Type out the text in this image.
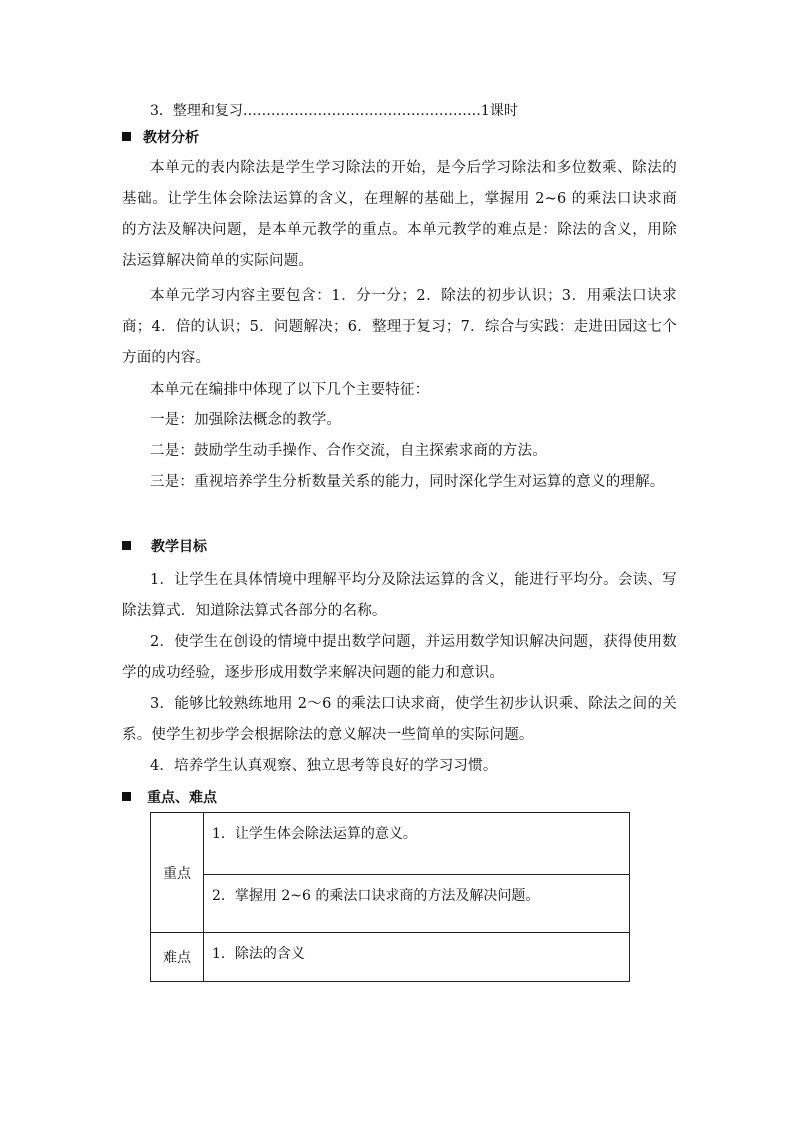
3．整理和复习……………………………………………1课时
教材分析
本单元的表内除法是学生学习除法的开始，是今后学习除法和多位数乘、除法的基础。让学生体会除法运算的含义，在理解的基础上，掌握用 2~6 的乘法口诀求商的方法及解决问题，是本单元教学的重点。本单元教学的难点是：除法的含义，用除法运算解决简单的实际问题。
本单元学习内容主要包含：1．分一分；2．除法的初步认识；3．用乘法口诀求商；4．倍的认识；5．问题解决；6．整理于复习；7．综合与实践：走进田园这七个方面的内容。
本单元在编排中体现了以下几个主要特征：
一是：加强除法概念的教学。
二是：鼓励学生动手操作、合作交流，自主探索求商的方法。
三是：重视培养学生分析数量关系的能力，同时深化学生对运算的意义的理解。
教学目标
1．让学生在具体情境中理解平均分及除法运算的含义，能进行平均分。会读、写除法算式．知道除法算式各部分的名称。
2．使学生在创设的情境中提出数学问题，并运用数学知识解决问题，获得使用数学的成功经验，逐步形成用数学来解决问题的能力和意识。
3．能够比较熟练地用 2～6 的乘法口诀求商，使学生初步认识乘、除法之间的关系。使学生初步学会根据除法的意义解决一些简单的实际问题。
4．培养学生认真观察、独立思考等良好的学习习惯。
重点、难点
重点	1．让学生体会除法运算的意义。
	2．掌握用 2~6 的乘法口诀求商的方法及解决问题。
难点	1．除法的含义
